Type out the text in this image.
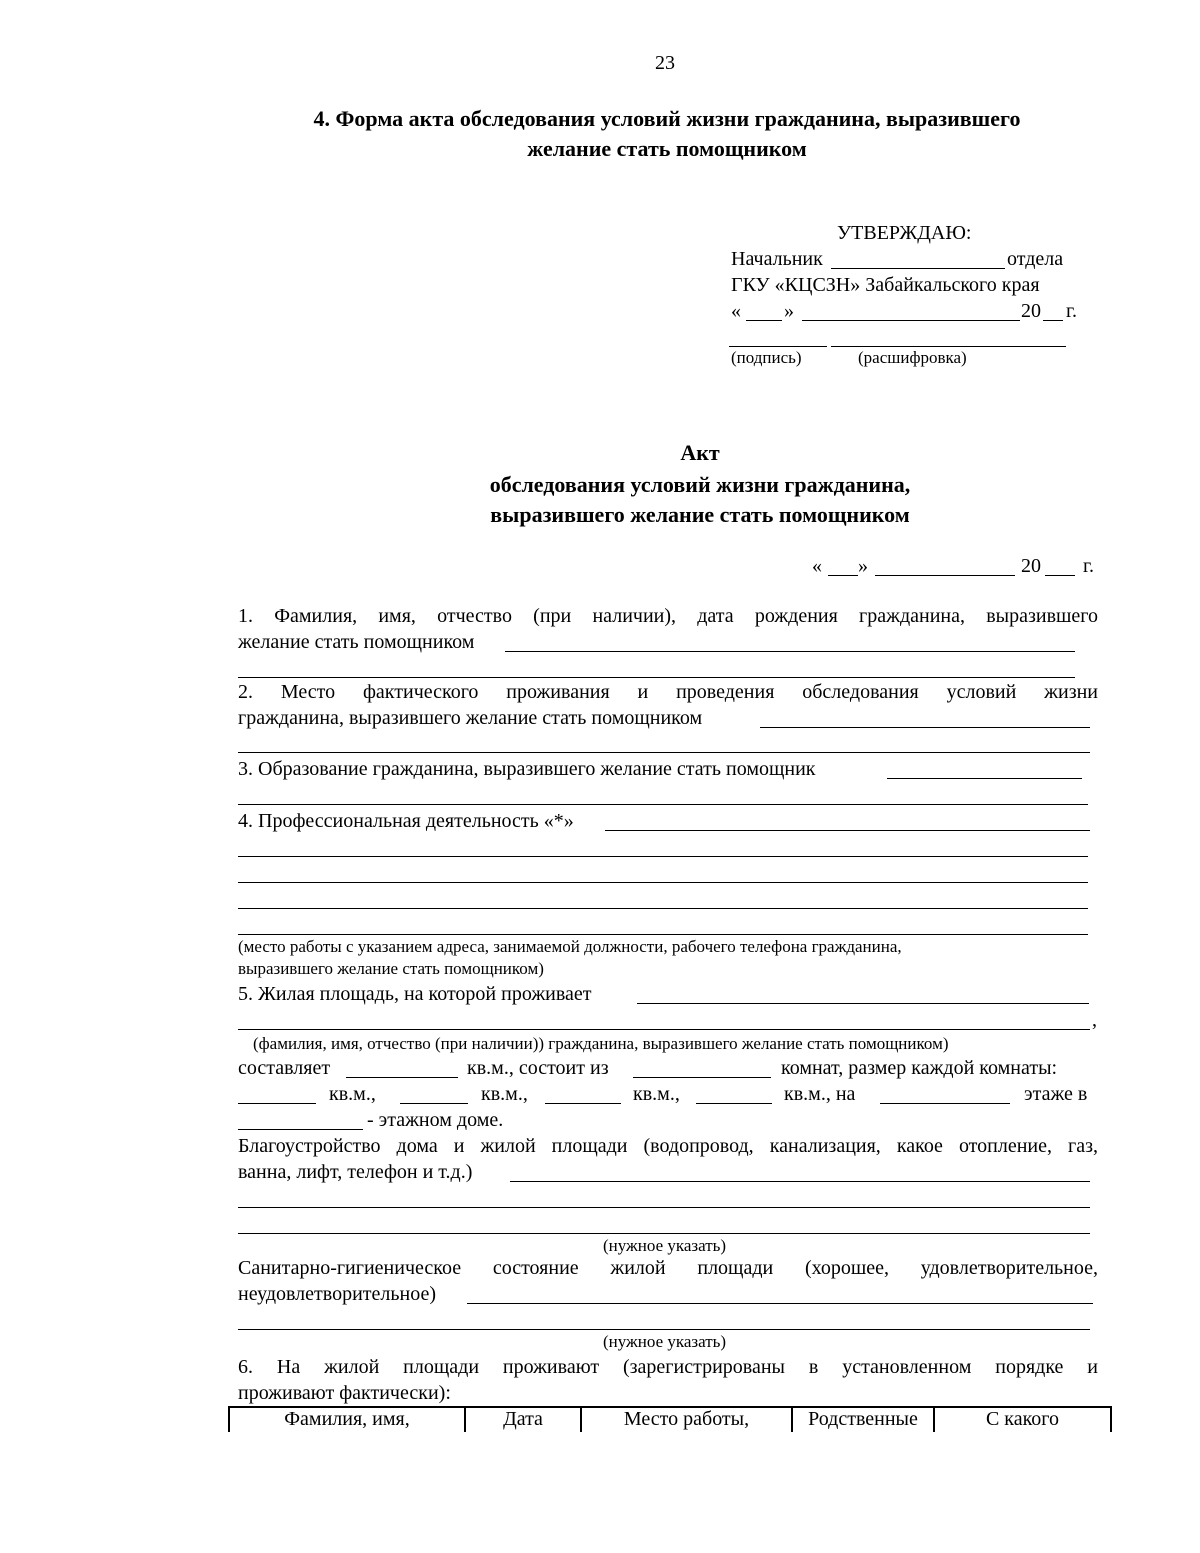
23
4. Форма акта обследования условий жизни гражданина, выразившего
желание стать помощником
УТВЕРЖДАЮ:
Начальник	отдела
ГКУ «КЦСЗН» Забайкальского края
« »	20 г.
(подпись)	(расшифровка)
Акт
обследования условий жизни гражданина,
выразившего желание стать помощником
« »	20 г.
1. Фамилия, имя, отчество (при наличии), дата рождения гражданина, выразившего
желание стать помощником
2. Место фактического проживания и проведения обследования условий жизни
гражданина, выразившего желание стать помощником
3. Образование гражданина, выразившего желание стать помощник
4. Профессиональная деятельность «*»
(место работы с указанием адреса, занимаемой должности, рабочего телефона гражданина,
выразившего желание стать помощником)
5. Жилая площадь, на которой проживает
,
(фамилия, имя, отчество (при наличии)) гражданина, выразившего желание стать помощником)
составляет	кв.м., состоит из	комнат, размер каждой комнаты:
кв.м.,	кв.м.,	кв.м.,	кв.м., на	этаже в
- этажном доме.
Благоустройство дома и жилой площади (водопровод, канализация, какое отопление, газ,
ванна, лифт, телефон и т.д.)
(нужное указать)
Санитарно-гигиеническое состояние жилой площади (хорошее, удовлетворительное,
неудовлетворительное)
(нужное указать)
6. На жилой площади проживают (зарегистрированы в установленном порядке и
проживают фактически):
Фамилия, имя,	Дата	Место работы,	Родственные	С какого
